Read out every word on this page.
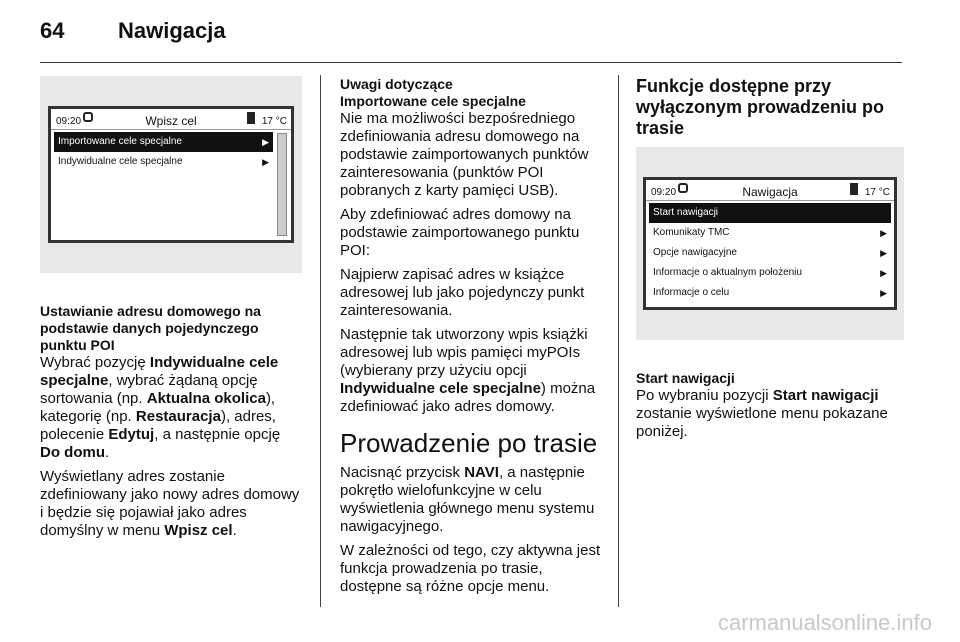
64 Nawigacja
09:20	Wpisz cel	17 °C
Importowane cele specjalne	▶
Indywidualne cele specjalne	▶
Ustawianie adresu domowego na podstawie danych pojedynczego punktu POI

Wybrać pozycję Indywidualne cele specjalne, wybrać żądaną opcję sortowania (np. Aktualna okolica), kategorię (np. Restauracja), adres, polecenie Edytuj, a następnie opcję Do domu.

Wyświetlany adres zostanie zdefiniowany jako nowy adres domowy i będzie się pojawiał jako adres domyślny w menu Wpisz cel.

Uwagi dotyczące
Importowane cele specjalne

Nie ma możliwości bezpośredniego zdefiniowania adresu domowego na podstawie zaimportowanych punktów zainteresowania (punktów POI pobranych z karty pamięci USB).

Aby zdefiniować adres domowy na podstawie zaimportowanego punktu POI:

Najpierw zapisać adres w książce adresowej lub jako pojedynczy punkt zainteresowania.

Następnie tak utworzony wpis książki adresowej lub wpis pamięci myPOIs (wybierany przy użyciu opcji Indywidualne cele specjalne) można zdefiniować jako adres domowy.

Prowadzenie po trasie

Nacisnąć przycisk NAVI, a następnie pokrętło wielofunkcyjne w celu wyświetlenia głównego menu systemu nawigacyjnego.

W zależności od tego, czy aktywna jest funkcja prowadzenia po trasie, dostępne są różne opcje menu.

Funkcje dostępne przy wyłączonym prowadzeniu po trasie
09:20	Nawigacja	17 °C
Start nawigacji
Komunikaty TMC	▶
Opcje nawigacyjne	▶
Informacje o aktualnym położeniu	▶
Informacje o celu	▶
Start nawigacji

Po wybraniu pozycji Start nawigacji zostanie wyświetlone menu pokazane poniżej.

carmanualsonline.info
